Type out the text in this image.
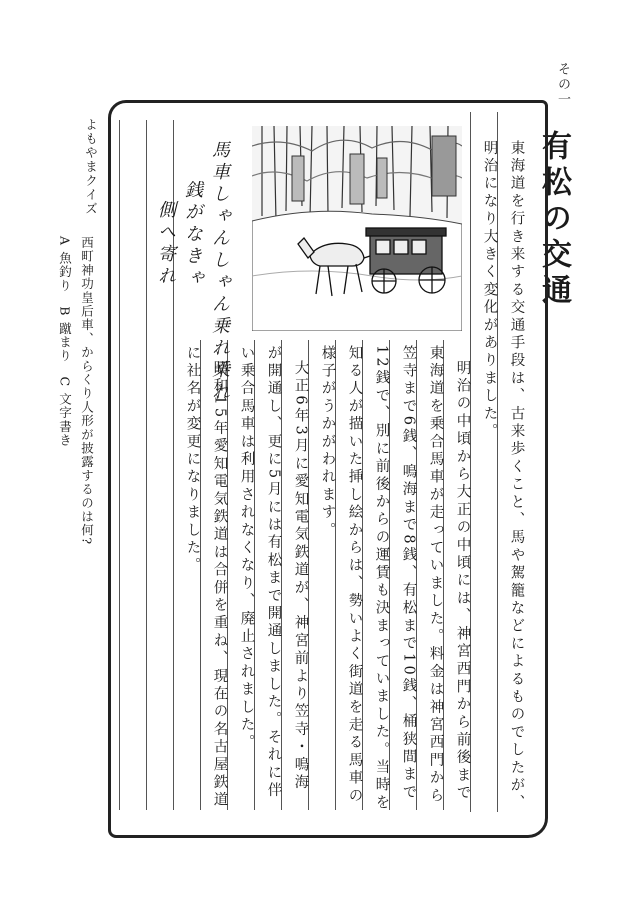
その一
有松の交通
東海道を行き来する交通手段は、古来歩くこと、馬や駕籠などによるものでしたが、
明治になり大きく変化がありました。
馬車しゃんしゃん乗れ乗れ
銭がなきゃ
側へ寄れ
明治の中頃から大正の中頃には、神宮西門から前後まで
東海道を乗合馬車が走っていました。料金は神宮西門から
笠寺まで6銭、鳴海まで8銭、有松まで10銭、桶狭間まで
12銭で、別に前後からの運賃も決まっていました。当時を
知る人が描いた挿し絵からは、勢いよく街道を走る馬車の
様子がうかがわれます。
大正6年3月に愛知電気鉄道が、神宮前より笠寺・鳴海
が開通し、更に5月には有松まで開通しました。それに伴
い乗合馬車は利用されなくなり、廃止されました。
昭和15年愛知電気鉄道は合併を重ね、現在の名古屋鉄道
に社名が変更になりました。
よもやまクイズ
西町神功皇后車、からくり人形が披露するのは何?
A 魚釣り　B 蹴まり　C 文字書き
